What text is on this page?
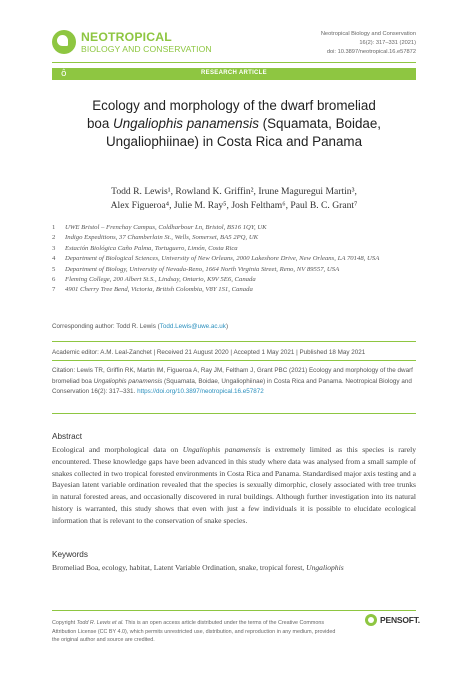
NEOTROPICAL
BIOLOGY AND CONSERVATION
Neotropical Biology and Conservation
16(2): 317–331 (2021)
doi: 10.3897/neotropical.16.e57872
ô	RESEARCH ARTICLE
Ecology and morphology of the dwarf bromeliad
boa Ungaliophis panamensis (Squamata, Boidae,
Ungaliophiinae) in Costa Rica and Panama
Todd R. Lewis¹, Rowland K. Griffin², Irune Maguregui Martin³,
Alex Figueroa⁴, Julie M. Ray⁵, Josh Feltham⁶, Paul B. C. Grant⁷
1	UWE Bristol – Frenchay Campus, Coldharbour Ln, Bristol, BS16 1QY, UK
2	Indigo Expeditions, 37 Chamberlain St., Wells, Somerset, BA5 2PQ, UK
3	Estación Biológica Caño Palma, Tortuguero, Limón, Costa Rica
4	Department of Biological Sciences, University of New Orleans, 2000 Lakeshore Drive, New Orleans, LA 70148, USA
5	Department of Biology, University of Nevada-Reno, 1664 North Virginia Street, Reno, NV 89557, USA
6	Fleming College, 200 Albert St.S., Lindsay, Ontario, K9V 5E6, Canada
7	4901 Cherry Tree Bend, Victoria, British Colombia, V8Y 1S1, Canada
Corresponding author: Todd R. Lewis (Todd.Lewis@uwe.ac.uk)
Academic editor: A.M. Leal-Zanchet | Received 21 August 2020 | Accepted 1 May 2021 | Published 18 May 2021
Citation: Lewis TR, Griffin RK, Martin IM, Figueroa A, Ray JM, Feltham J, Grant PBC (2021) Ecology and morphology of the dwarf bromeliad boa Ungaliophis panamensis (Squamata, Boidae, Ungaliophiinae) in Costa Rica and Panama. Neotropical Biology and Conservation 16(2): 317–331. https://doi.org/10.3897/neotropical.16.e57872
Abstract
Ecological and morphological data on Ungaliophis panamensis is extremely limited as this species is rarely encountered. These knowledge gaps have been advanced in this study where data was analysed from a small sample of snakes collected in two tropical forested environments in Costa Rica and Panama. Standardised major axis testing and a Bayesian latent variable ordination revealed that the species is sexually dimorphic, closely associated with tree trunks in natural forested areas, and occasionally discovered in rural buildings. Although further investigation into its natural history is warranted, this study shows that even with just a few individuals it is possible to elucidate ecological information that is relevant to the conservation of snake species.
Keywords
Bromeliad Boa, ecology, habitat, Latent Variable Ordination, snake, tropical forest, Ungaliophis
Copyright Todd R. Lewis et al. This is an open access article distributed under the terms of the Creative Commons Attribution License (CC BY 4.0), which permits unrestricted use, distribution, and reproduction in any medium, provided the original author and source are credited.
PENSOFT.
